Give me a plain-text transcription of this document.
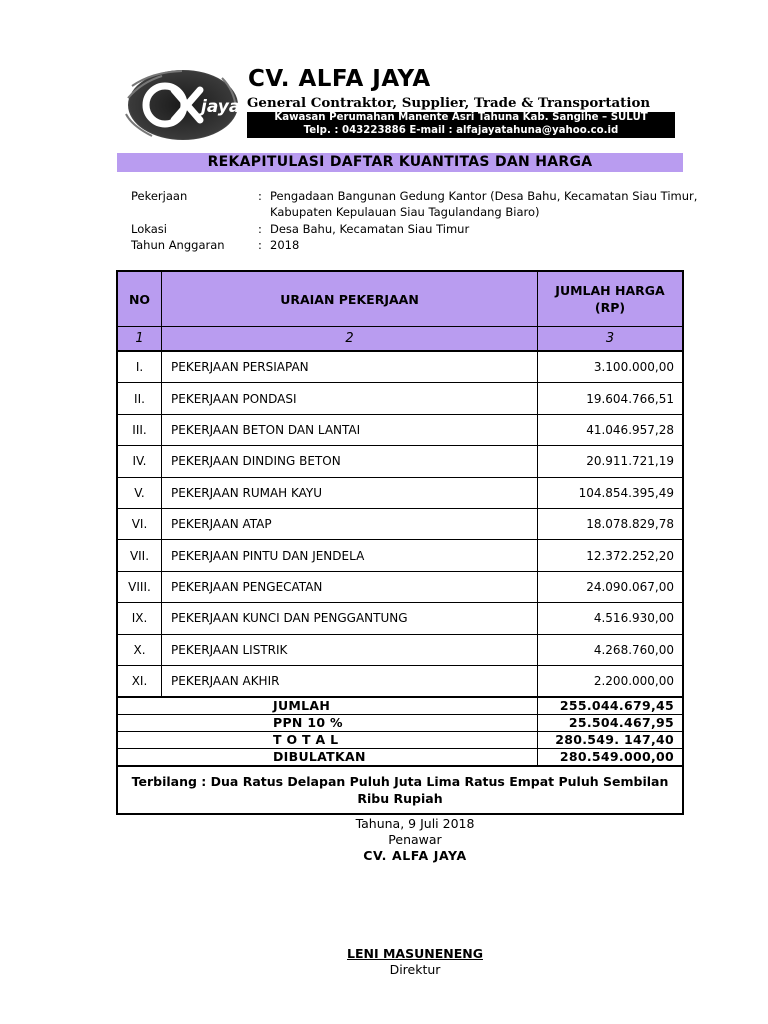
jaya
CV. ALFA JAYA
General Contraktor, Supplier, Trade & Transportation
Kawasan Perumahan Manente Asri Tahuna Kab. Sangihe – SULUT
Telp. : 043223886 E-mail : alfajayatahuna@yahoo.co.id
REKAPITULASI DAFTAR KUANTITAS DAN HARGA
Pekerjaan	: Pengadaan Bangunan Gedung Kantor (Desa Bahu, Kecamatan Siau Timur,
Kabupaten Kepulauan Siau Tagulandang Biaro)
Lokasi	: Desa Bahu, Kecamatan Siau Timur
Tahun Anggaran	: 2018
NO	URAIAN PEKERJAAN
JUMLAH HARGA
(RP)
1	2	3
I.	PEKERJAAN PERSIAPAN	3.100.000,00
II.	PEKERJAAN PONDASI	19.604.766,51
III.	PEKERJAAN BETON DAN LANTAI	41.046.957,28
IV.	PEKERJAAN DINDING BETON	20.911.721,19
V.	PEKERJAAN RUMAH KAYU	104.854.395,49
VI.	PEKERJAAN ATAP	18.078.829,78
VII.	PEKERJAAN PINTU DAN JENDELA	12.372.252,20
VIII.	PEKERJAAN PENGECATAN	24.090.067,00
IX.	PEKERJAAN KUNCI DAN PENGGANTUNG	4.516.930,00
X.	PEKERJAAN LISTRIK	4.268.760,00
XI.	PEKERJAAN AKHIR	2.200.000,00
JUMLAH	255.044.679,45
PPN 10 %	25.504.467,95
T O T A L	280.549. 147,40
DIBULATKAN	280.549.000,00
Terbilang : Dua Ratus Delapan Puluh Juta Lima Ratus Empat Puluh Sembilan Ribu Rupiah
Tahuna, 9 Juli 2018
Penawar
CV. ALFA JAYA
LENI MASUNENENG
Direktur
